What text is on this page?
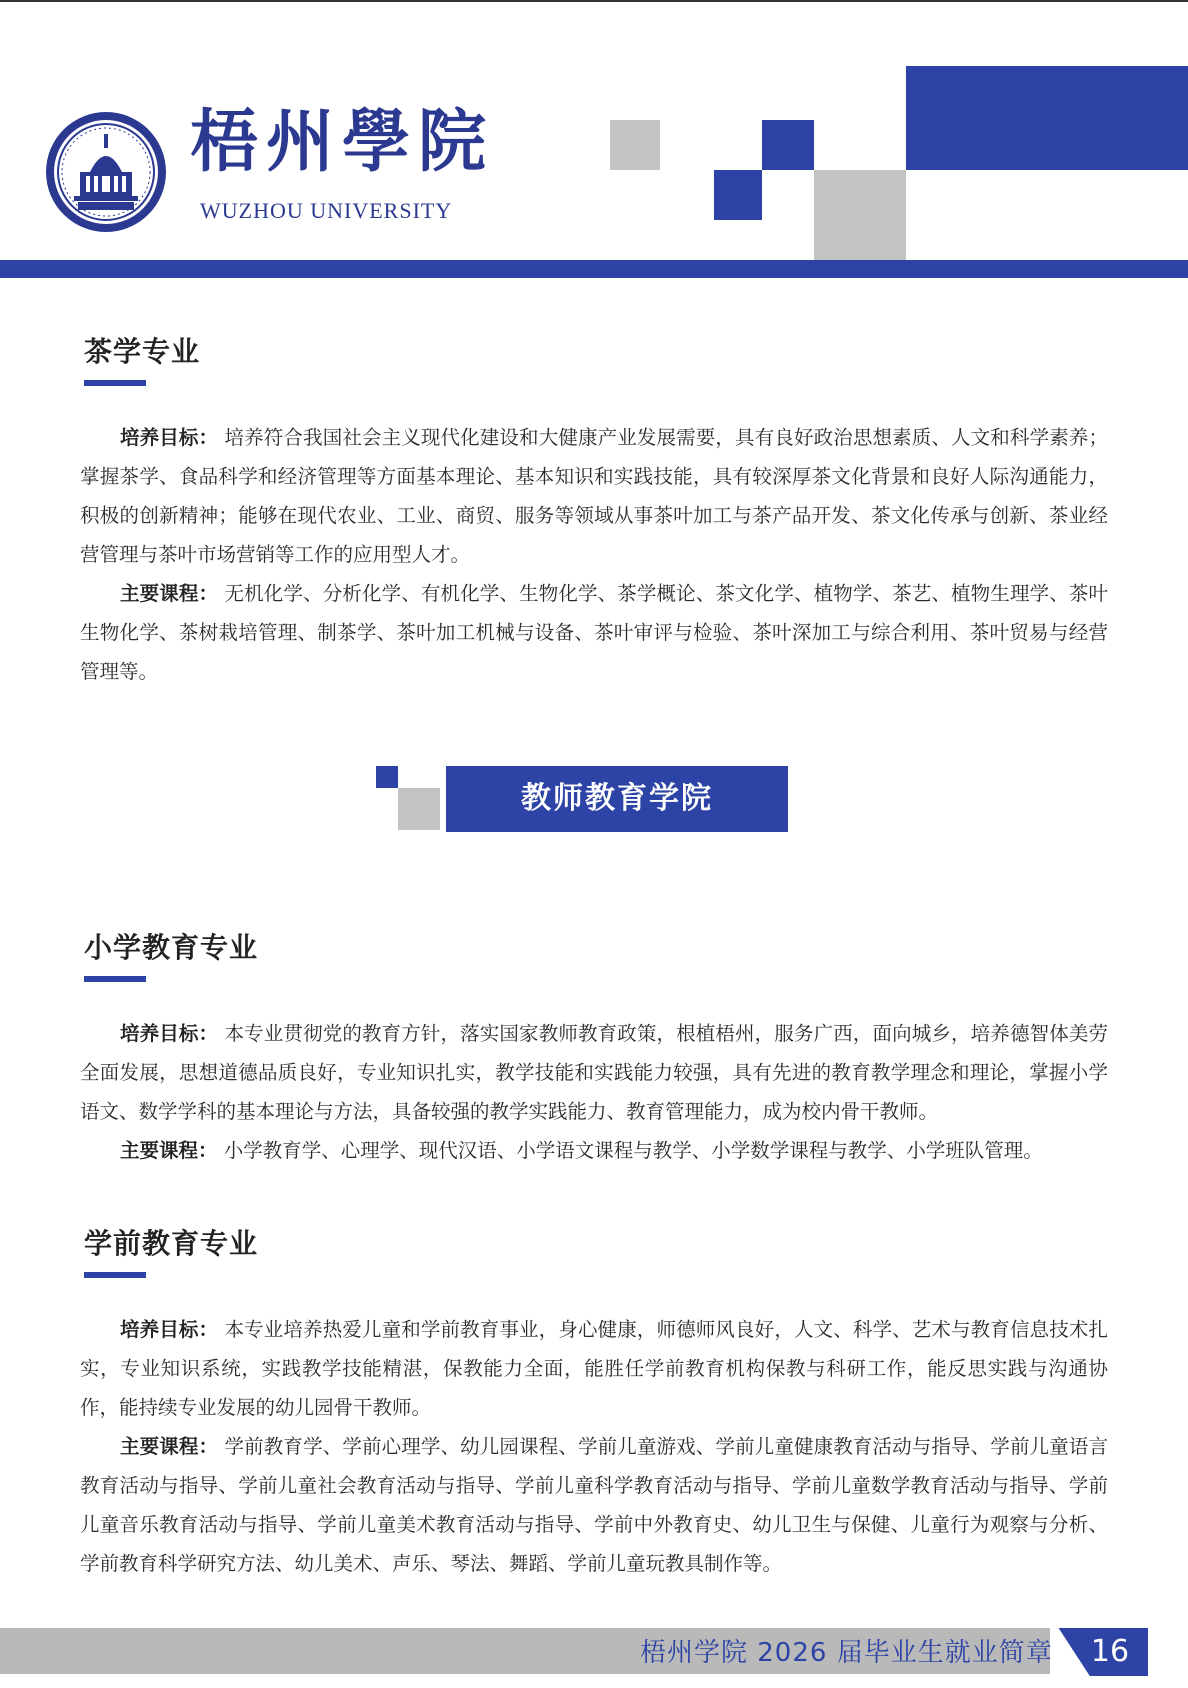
梧州學院
WUZHOU UNIVERSITY
茶学专业

培养目标： 培养符合我国社会主义现代化建设和大健康产业发展需要，具有良好政治思想素质、人文和科学素养；掌握茶学、食品科学和经济管理等方面基本理论、基本知识和实践技能，具有较深厚茶文化背景和良好人际沟通能力，积极的创新精神；能够在现代农业、工业、商贸、服务等领域从事茶叶加工与茶产品开发、茶文化传承与创新、茶业经营管理与茶叶市场营销等工作的应用型人才。

主要课程： 无机化学、分析化学、有机化学、生物化学、茶学概论、茶文化学、植物学、茶艺、植物生理学、茶叶生物化学、茶树栽培管理、制茶学、茶叶加工机械与设备、茶叶审评与检验、茶叶深加工与综合利用、茶叶贸易与经营管理等。

教师教育学院
小学教育专业

培养目标： 本专业贯彻党的教育方针，落实国家教师教育政策，根植梧州，服务广西，面向城乡，培养德智体美劳全面发展，思想道德品质良好，专业知识扎实，教学技能和实践能力较强，具有先进的教育教学理念和理论，掌握小学语文、数学学科的基本理论与方法，具备较强的教学实践能力、教育管理能力，成为校内骨干教师。

主要课程： 小学教育学、心理学、现代汉语、小学语文课程与教学、小学数学课程与教学、小学班队管理。

学前教育专业

培养目标： 本专业培养热爱儿童和学前教育事业，身心健康，师德师风良好，人文、科学、艺术与教育信息技术扎实，专业知识系统，实践教学技能精湛，保教能力全面，能胜任学前教育机构保教与科研工作，能反思实践与沟通协作，能持续专业发展的幼儿园骨干教师。

主要课程： 学前教育学、学前心理学、幼儿园课程、学前儿童游戏、学前儿童健康教育活动与指导、学前儿童语言教育活动与指导、学前儿童社会教育活动与指导、学前儿童科学教育活动与指导、学前儿童数学教育活动与指导、学前儿童音乐教育活动与指导、学前儿童美术教育活动与指导、学前中外教育史、幼儿卫生与保健、儿童行为观察与分析、学前教育科学研究方法、幼儿美术、声乐、琴法、舞蹈、学前儿童玩教具制作等。

梧州学院 2026 届毕业生就业简章	16
